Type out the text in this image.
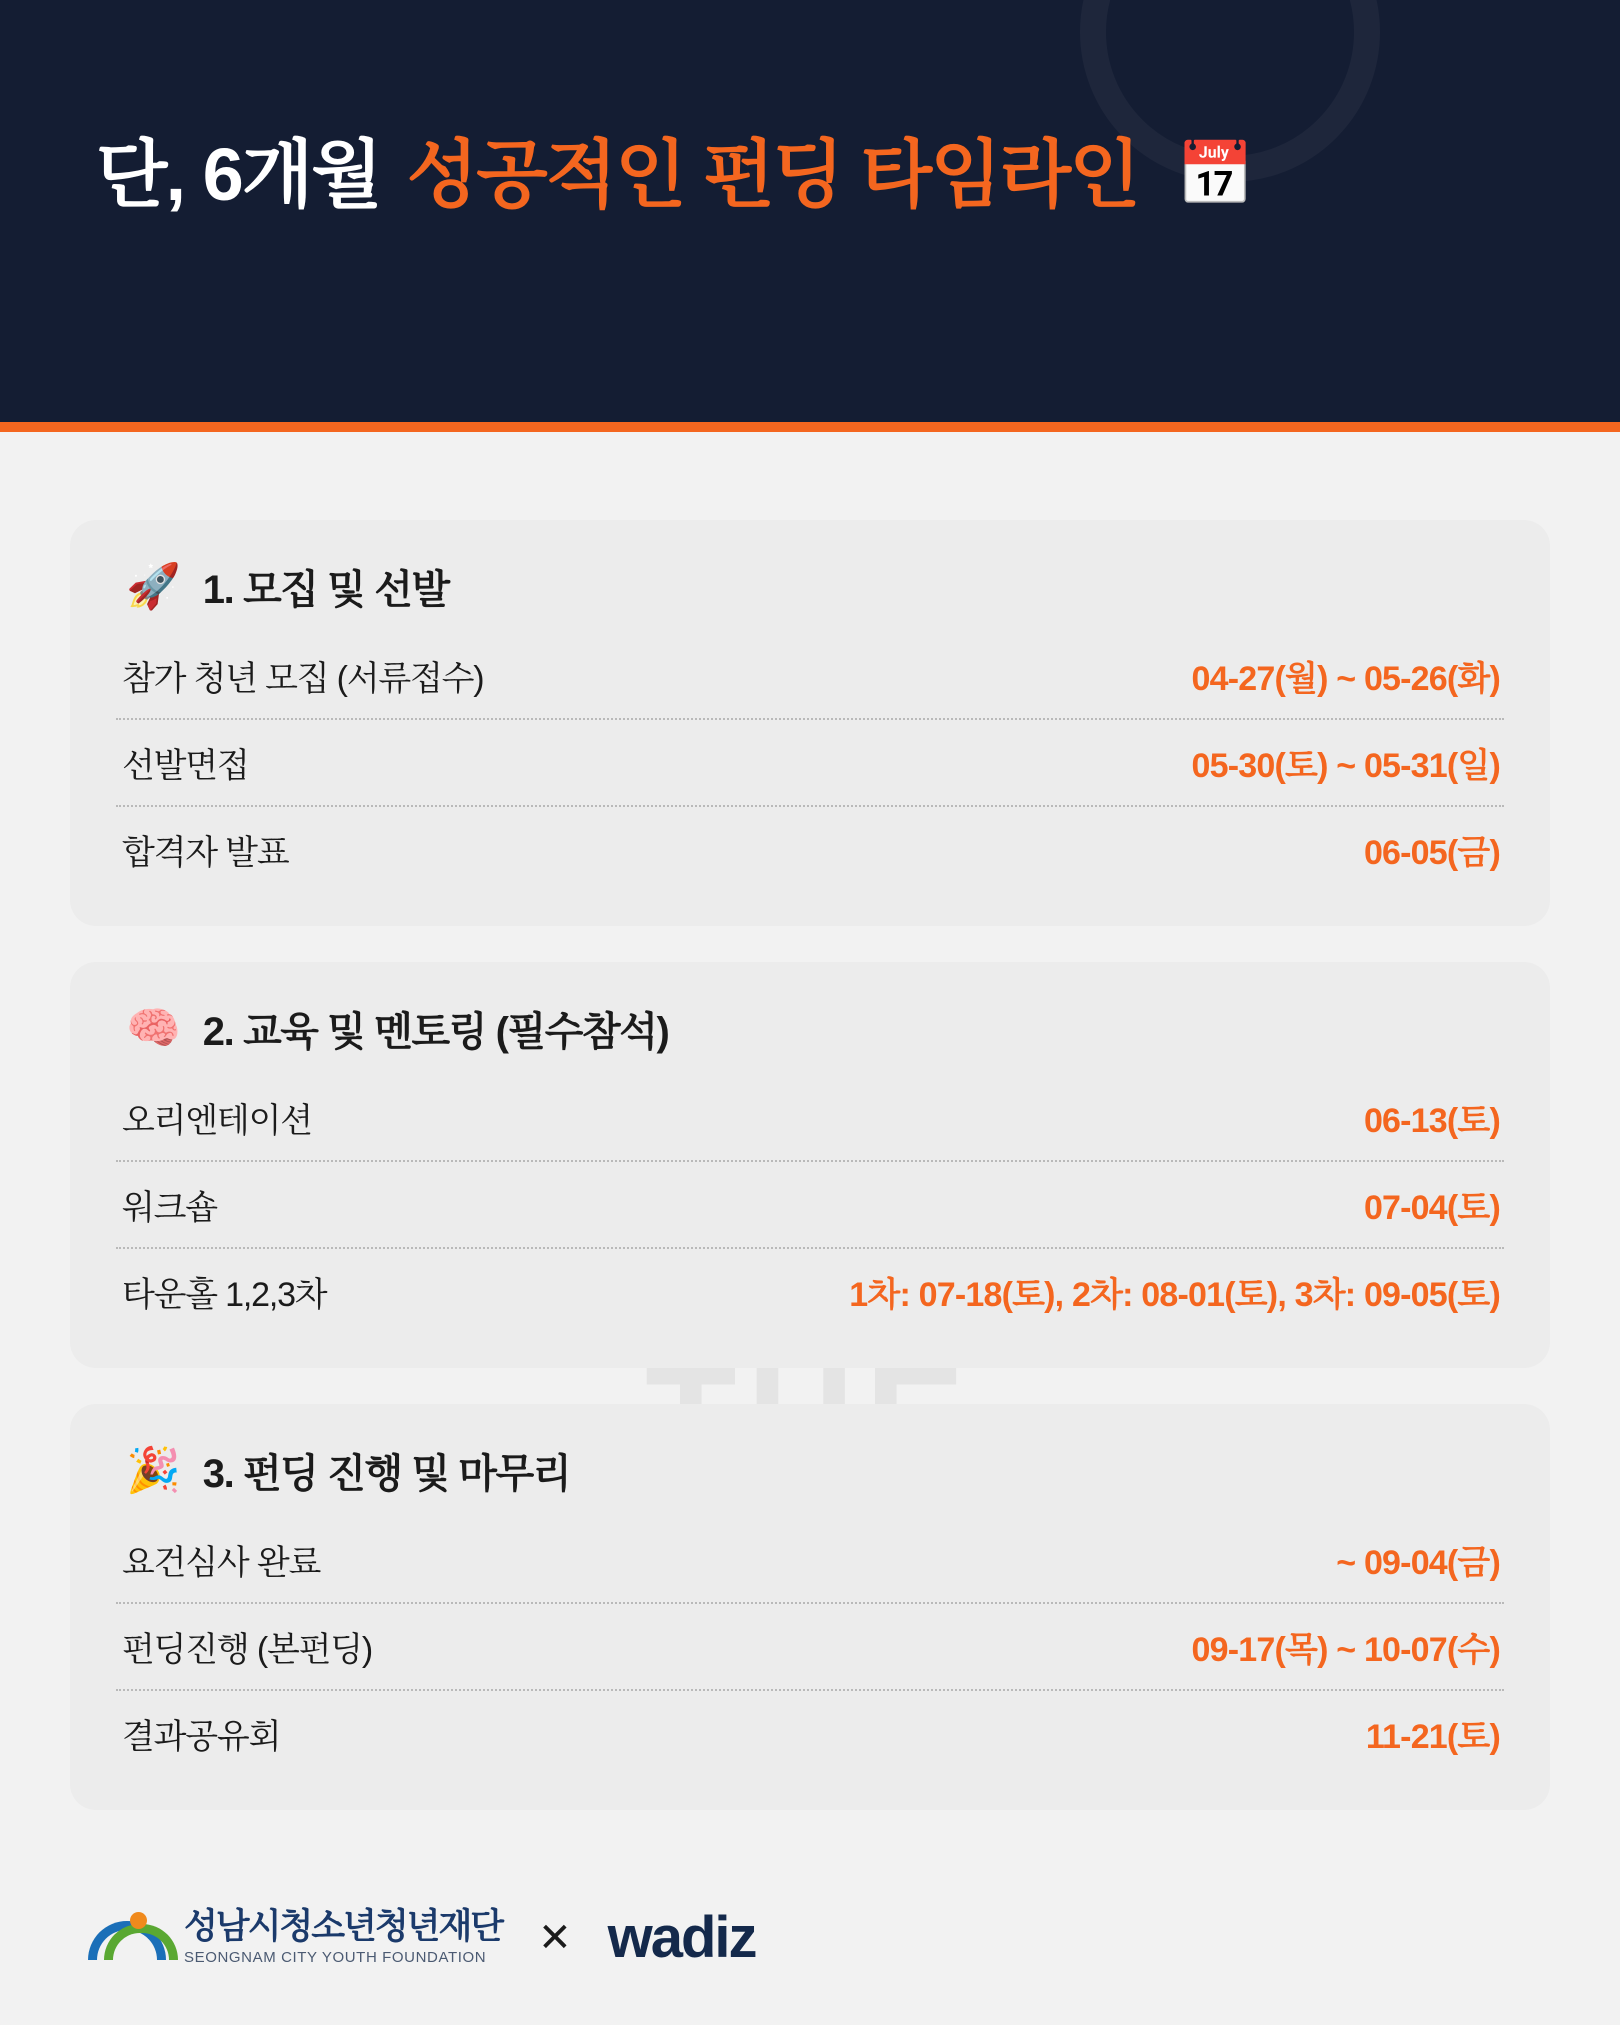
단, 6개월 성공적인 펀딩 타임라인 📅
🚀 1. 모집 및 선발
참가 청년 모집 (서류접수)	04-27(월) ~ 05-26(화)
선발면접	05-30(토) ~ 05-31(일)
합격자 발표	06-05(금)
🧠 2. 교육 및 멘토링 (필수참석)
오리엔테이션	06-13(토)
워크숍	07-04(토)
타운홀 1,2,3차	1차: 07-18(토), 2차: 08-01(토), 3차: 09-05(토)
🎉 3. 펀딩 진행 및 마무리
요건심사 완료	~ 09-04(금)
펀딩진행 (본펀딩)	09-17(목) ~ 10-07(수)
결과공유회	11-21(토)
성남시청소년청년재단
SEONGNAM CITY YOUTH FOUNDATION	✕ wadiz
